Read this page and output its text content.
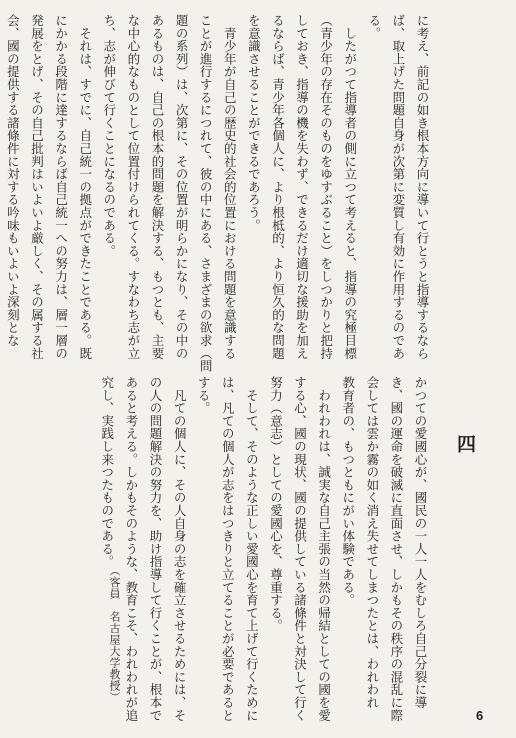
に考え、前記の如き根本方向に導いて行とうと指導するなら

ば、取上げた問題自身が次第に変質し有効に作用するのであ

る。

　したがつて指導者の側に立つて考えると、指導の究極目標

（青少年の存在そのものをゆすぶること）をしつかりと把持

しておき、指導の機を失わず、できるだけ適切な援助を加え

るならば、青少年各個人に、より根柢的、より恒久的な問題

を意識させることができるであろう。

　青少年が自己の歴史的社会的位置における問題を意識する

ことが進行するにつれて、彼の中にある、さまざまの欲求（問

題の系列）は、次第に、その位置が明らかになり、その中の

あるものは、自己の根本的問題を解決する、もつとも、主要

な中心的なものとして位置付けられてくる。すなわち志が立

ち、志が伸びて行くことになるのである。

　それは、すでに、自己統一の拠点ができたことである。既

にかかる段階に達するならば自己統一への努力は、層一層の

発展をとげ、その自己批判はいよいよ厳しく、その属する社

会、國の提供する諸條件に対する吟味もいよいよ深刻とな

四

かつての愛國心が、國民の一人一人をむしろ自己分裂に導

き、國の運命を破滅に直面させ、しかもその秩序の混乱に際

会しては雲か霧の如く消え失せてしまつたとは、われわれ

教育者の、もつともにがい体験である。

　われわれは、誠実な自己主張の当然の帰結としての國を愛

する心、國の現状、國の提供している諸條件と対決して行く

努力（意志）としての愛國心を、尊重する。

　そして、そのような正しい愛國心を育て上げて行くために

は、凡ての個人が志をはつきりと立てることが必要であると

する。

　凡ての個人に、その人自身の志を確立させるためには、そ

の人の問題解決の努力を、助け指導して行くことが、根本で

あると考える。しかもそのような、教育こそ、われわれが追

究し、実践し来つたものである。

（客員　名古屋大学教授）
6
